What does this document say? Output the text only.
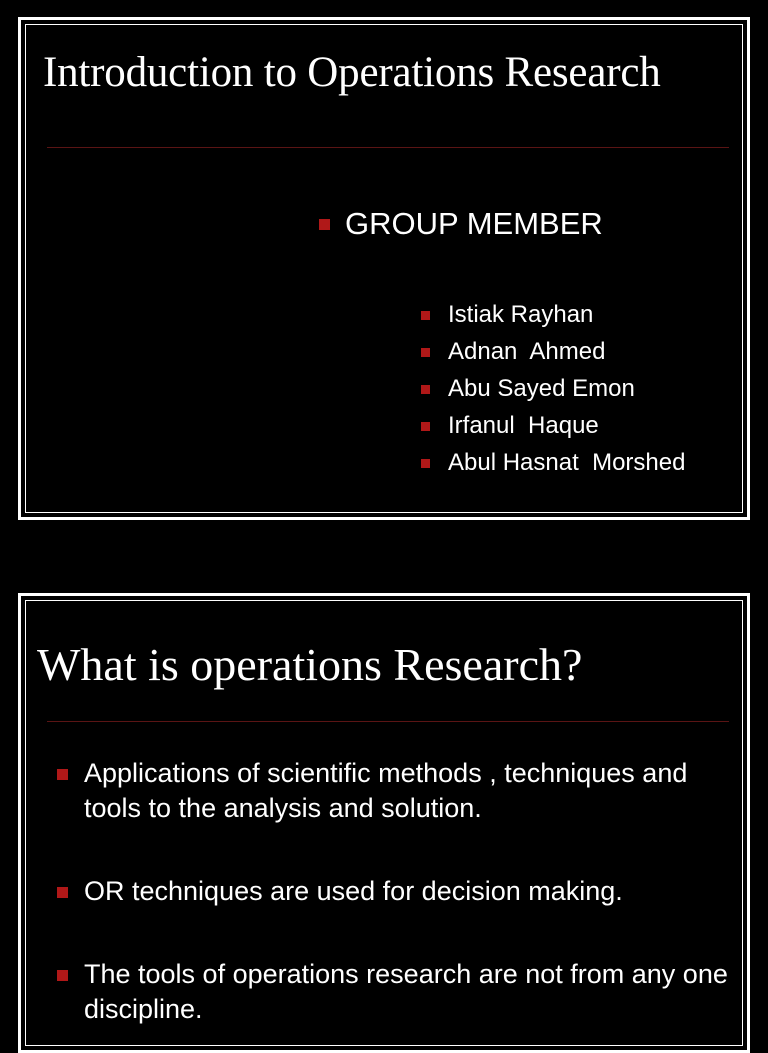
Introduction to Operations Research
GROUP MEMBER
Istiak Rayhan
Adnan  Ahmed
Abu Sayed Emon
Irfanul  Haque
Abul Hasnat  Morshed
What is operations Research?
Applications of scientific methods , techniques and tools to the analysis and solution.
OR techniques are used for decision making.
The tools of operations research are not from any one discipline.
